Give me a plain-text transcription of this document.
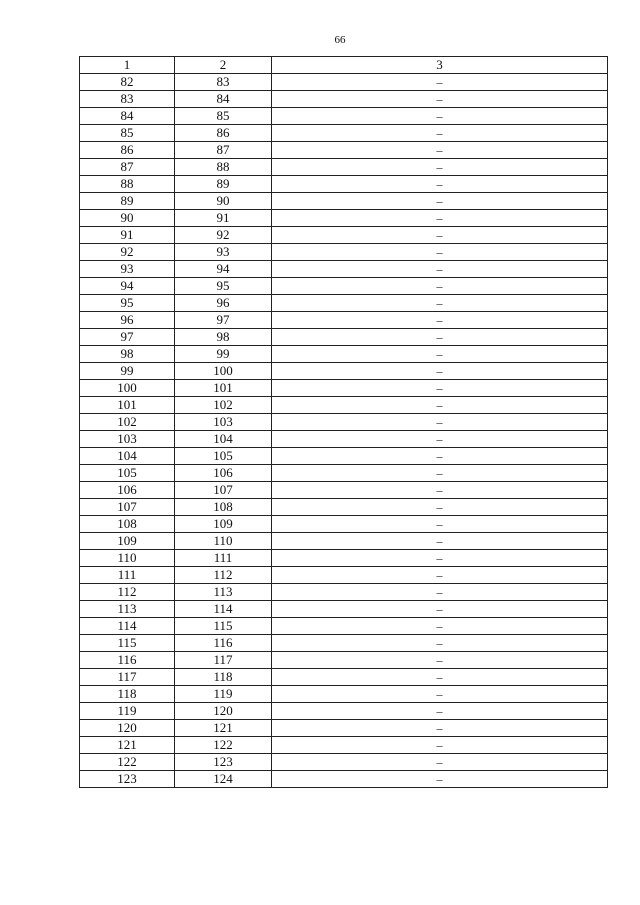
66
1	2	3
82	83	–
83	84	–
84	85	–
85	86	–
86	87	–
87	88	–
88	89	–
89	90	–
90	91	–
91	92	–
92	93	–
93	94	–
94	95	–
95	96	–
96	97	–
97	98	–
98	99	–
99	100	–
100	101	–
101	102	–
102	103	–
103	104	–
104	105	–
105	106	–
106	107	–
107	108	–
108	109	–
109	110	–
110	111	–
111	112	–
112	113	–
113	114	–
114	115	–
115	116	–
116	117	–
117	118	–
118	119	–
119	120	–
120	121	–
121	122	–
122	123	–
123	124	–
